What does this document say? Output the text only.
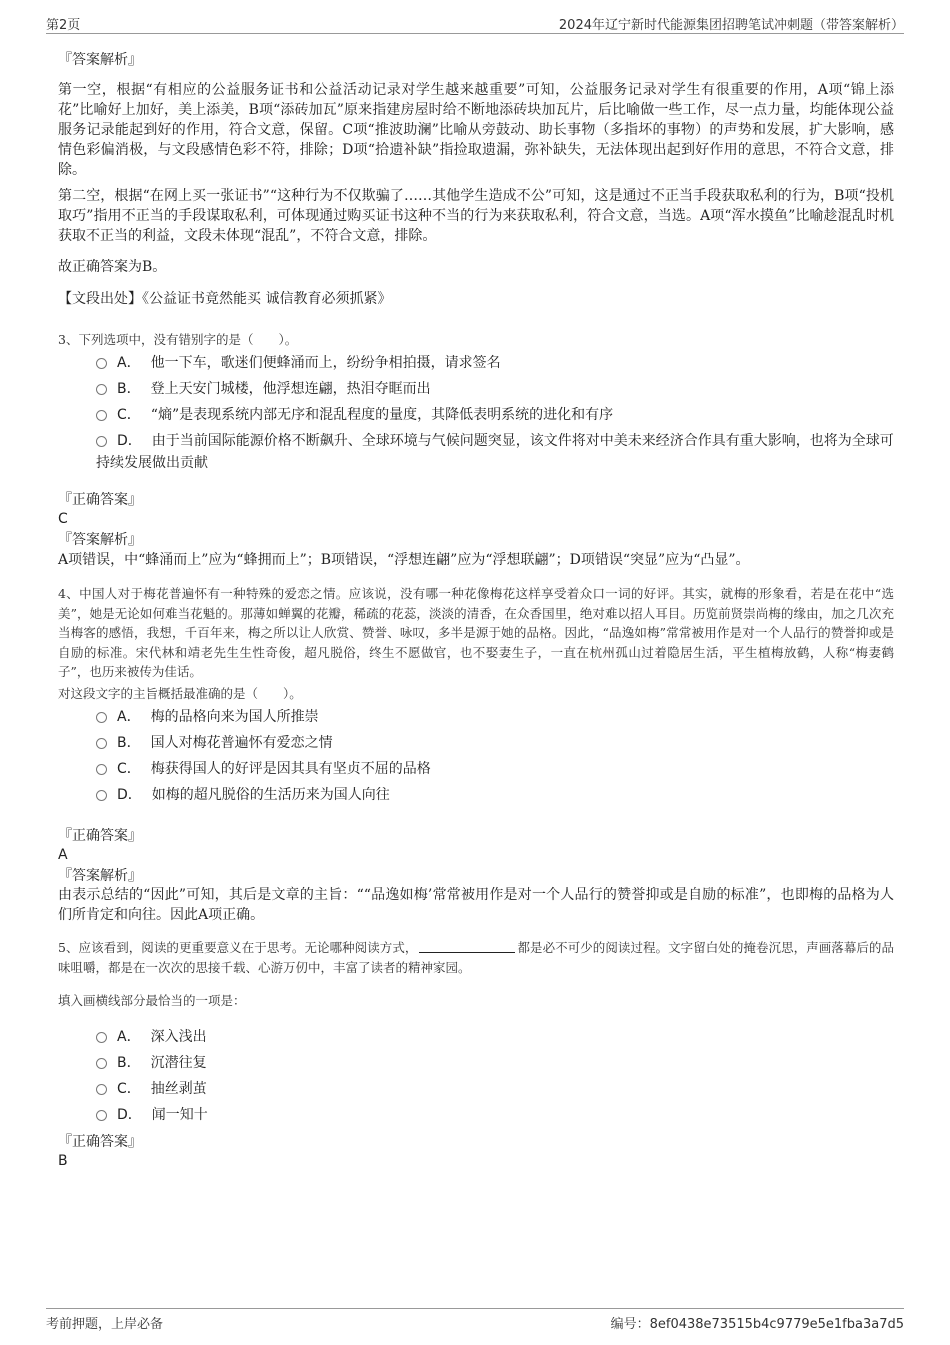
第2页	2024年辽宁新时代能源集团招聘笔试冲刺题（带答案解析）
『答案解析』
第一空，根据“有相应的公益服务证书和公益活动记录对学生越来越重要”可知，公益服务记录对学生有很重要的作用，A项“锦上添花”比喻好上加好，美上添美，B项“添砖加瓦”原来指建房屋时给不断地添砖块加瓦片，后比喻做一些工作，尽一点力量，均能体现公益服务记录能起到好的作用，符合文意，保留。C项“推波助澜”比喻从旁鼓动、助长事物（多指坏的事物）的声势和发展，扩大影响，感情色彩偏消极，与文段感情色彩不符，排除；D项“拾遗补缺”指捡取遗漏，弥补缺失，无法体现出起到好作用的意思，不符合文意，排除。
第二空，根据“在网上买一张证书”“这种行为不仅欺骗了……其他学生造成不公”可知，这是通过不正当手段获取私利的行为，B项“投机取巧”指用不正当的手段谋取私利，可体现通过购买证书这种不当的行为来获取私利，符合文意，当选。A项“浑水摸鱼”比喻趁混乱时机获取不正当的利益，文段未体现“混乱”，不符合文意，排除。
故正确答案为B。
【文段出处】《公益证书竟然能买 诚信教育必须抓紧》
3、下列选项中，没有错别字的是（　　）。
A． 他一下车，歌迷们便蜂涌而上，纷纷争相拍摄，请求签名
B． 登上天安门城楼，他浮想连翩，热泪夺眶而出
C． “熵”是表现系统内部无序和混乱程度的量度，其降低表明系统的进化和有序
D． 由于当前国际能源价格不断飙升、全球环境与气候问题突显，该文件将对中美未来经济合作具有重大影响，也将为全球可持续发展做出贡献
『正确答案』
C
『答案解析』
A项错误，中“蜂涌而上”应为“蜂拥而上”；B项错误，“浮想连翩”应为“浮想联翩”；D项错误“突显”应为“凸显”。
4、中国人对于梅花普遍怀有一种特殊的爱恋之情。应该说，没有哪一种花像梅花这样享受着众口一词的好评。其实，就梅的形象看，若是在花中“选美”，她是无论如何难当花魁的。那薄如蝉翼的花瓣，稀疏的花蕊，淡淡的清香，在众香国里，绝对难以招人耳目。历览前贤崇尚梅的缘由，加之几次充当梅客的感悟，我想，千百年来，梅之所以让人欣赏、赞誉、咏叹，多半是源于她的品格。因此，“品逸如梅”常常被用作是对一个人品行的赞誉抑或是自励的标准。宋代林和靖老先生生性奇俊，超凡脱俗，终生不愿做官，也不娶妻生子，一直在杭州孤山过着隐居生活，平生植梅放鹤，人称“梅妻鹤子”，也历来被传为佳话。
对这段文字的主旨概括最准确的是（　　）。
A． 梅的品格向来为国人所推崇
B． 国人对梅花普遍怀有爱恋之情
C． 梅获得国人的好评是因其具有坚贞不屈的品格
D． 如梅的超凡脱俗的生活历来为国人向往
『正确答案』
A
『答案解析』
由表示总结的“因此”可知，其后是文章的主旨：““品逸如梅’常常被用作是对一个人品行的赞誉抑或是自励的标准”，也即梅的品格为人们所肯定和向往。因此A项正确。
5、应该看到，阅读的更重要意义在于思考。无论哪种阅读方式，	都是必不可少的阅读过程。文字留白处的掩卷沉思，声画落幕后的品味咀嚼，都是在一次次的思接千载、心游万仞中，丰富了读者的精神家园。
填入画横线部分最恰当的一项是：
A． 深入浅出
B． 沉潜往复
C． 抽丝剥茧
D． 闻一知十
『正确答案』
B
考前押题，上岸必备	编号：8ef0438e73515b4c9779e5e1fba3a7d5
